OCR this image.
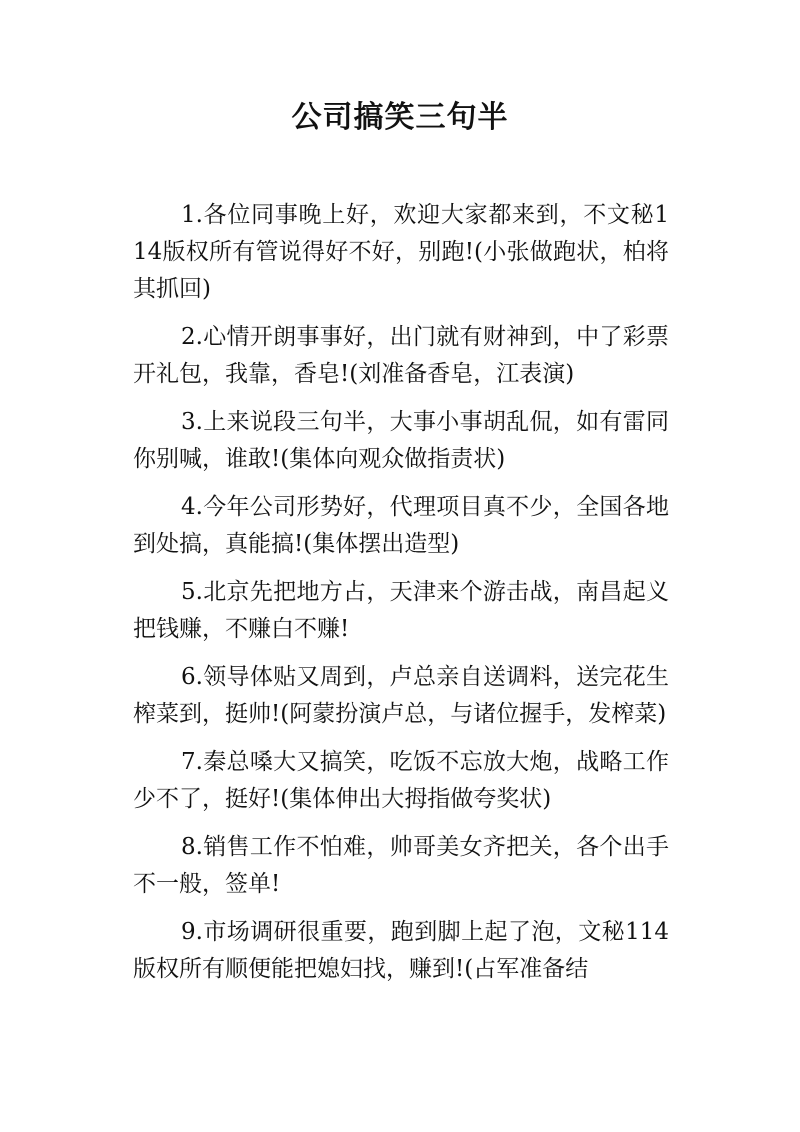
公司搞笑三句半

1.各位同事晚上好，欢迎大家都来到，不文秘114版权所有管说得好不好，别跑!(小张做跑状，柏将其抓回)

2.心情开朗事事好，出门就有财神到，中了彩票开礼包，我靠，香皂!(刘准备香皂，江表演)

3.上来说段三句半，大事小事胡乱侃，如有雷同你别喊，谁敢!(集体向观众做指责状)

4.今年公司形势好，代理项目真不少，全国各地到处搞，真能搞!(集体摆出造型)

5.北京先把地方占，天津来个游击战，南昌起义把钱赚，不赚白不赚!

6.领导体贴又周到，卢总亲自送调料，送完花生榨菜到，挺帅!(阿蒙扮演卢总，与诸位握手，发榨菜)

7.秦总嗓大又搞笑，吃饭不忘放大炮，战略工作少不了，挺好!(集体伸出大拇指做夸奖状)

8.销售工作不怕难，帅哥美女齐把关，各个出手不一般，签单!

9.市场调研很重要，跑到脚上起了泡，文秘114版权所有顺便能把媳妇找，赚到!(占军准备结
